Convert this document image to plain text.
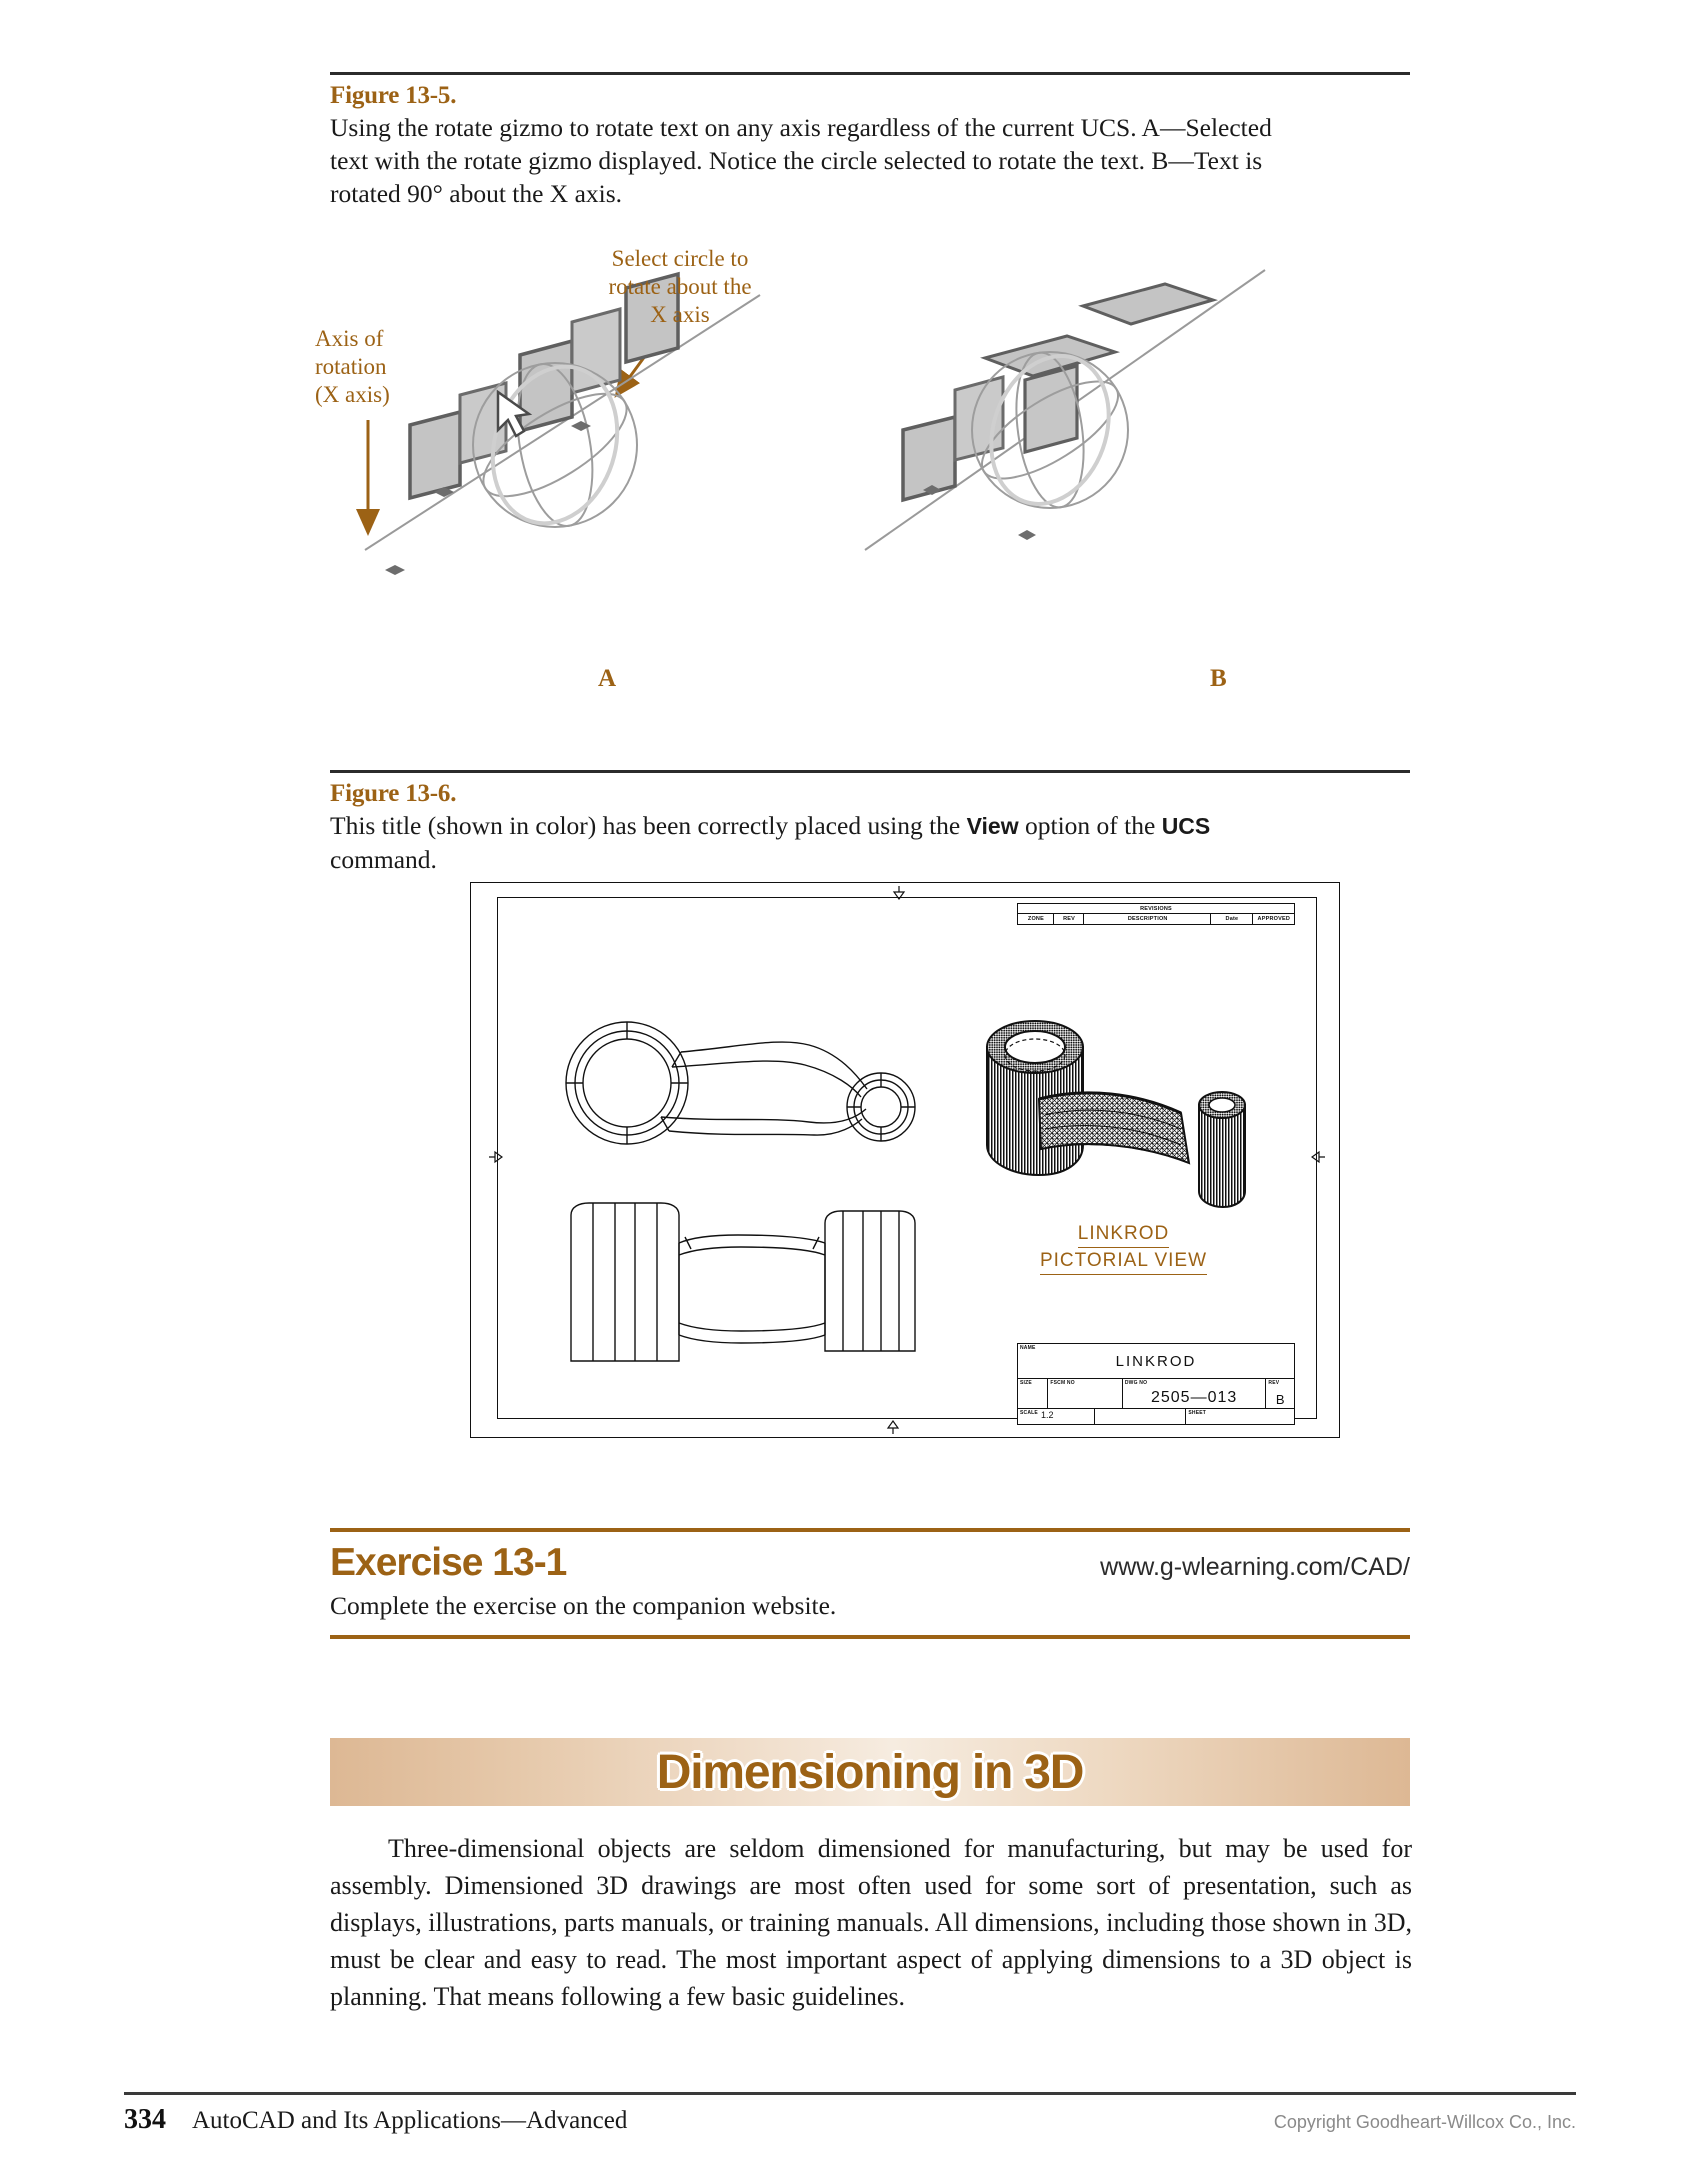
Figure 13-5.
Using the rotate gizmo to rotate text on any axis regardless of the current UCS. A—Selected
text with the rotate gizmo displayed. Notice the circle selected to rotate the text. B—Text is
rotated 90° about the X axis.
Select circle to
rotate about the
X axis
Axis of
rotation
(X axis)
A	B
Figure 13-6.
This title (shown in color) has been correctly placed using the View option of the UCS
command.
REVISIONS
ZONE	REV	DESCRIPTION	Date	APPROVED
LINKROD
PICTORIAL VIEW
NAME
LINKROD
SIZE	FSCM NO	DWG NO
2505—013
REV
B
SCALE 1.2	SHEET
Exercise 13-1	www.g-wlearning.com/CAD/
Complete the exercise on the companion website.
Dimensioning in 3D
Three-dimensional objects are seldom dimensioned for manufacturing, but may be used for assembly. Dimensioned 3D drawings are most often used for some sort of presentation, such as displays, illustrations, parts manuals, or training manuals. All dimensions, including those shown in 3D, must be clear and easy to read. The most important aspect of applying dimensions to a 3D object is planning. That means following a few basic guidelines.
334 AutoCAD and Its Applications—Advanced	Copyright Goodheart-Willcox Co., Inc.
